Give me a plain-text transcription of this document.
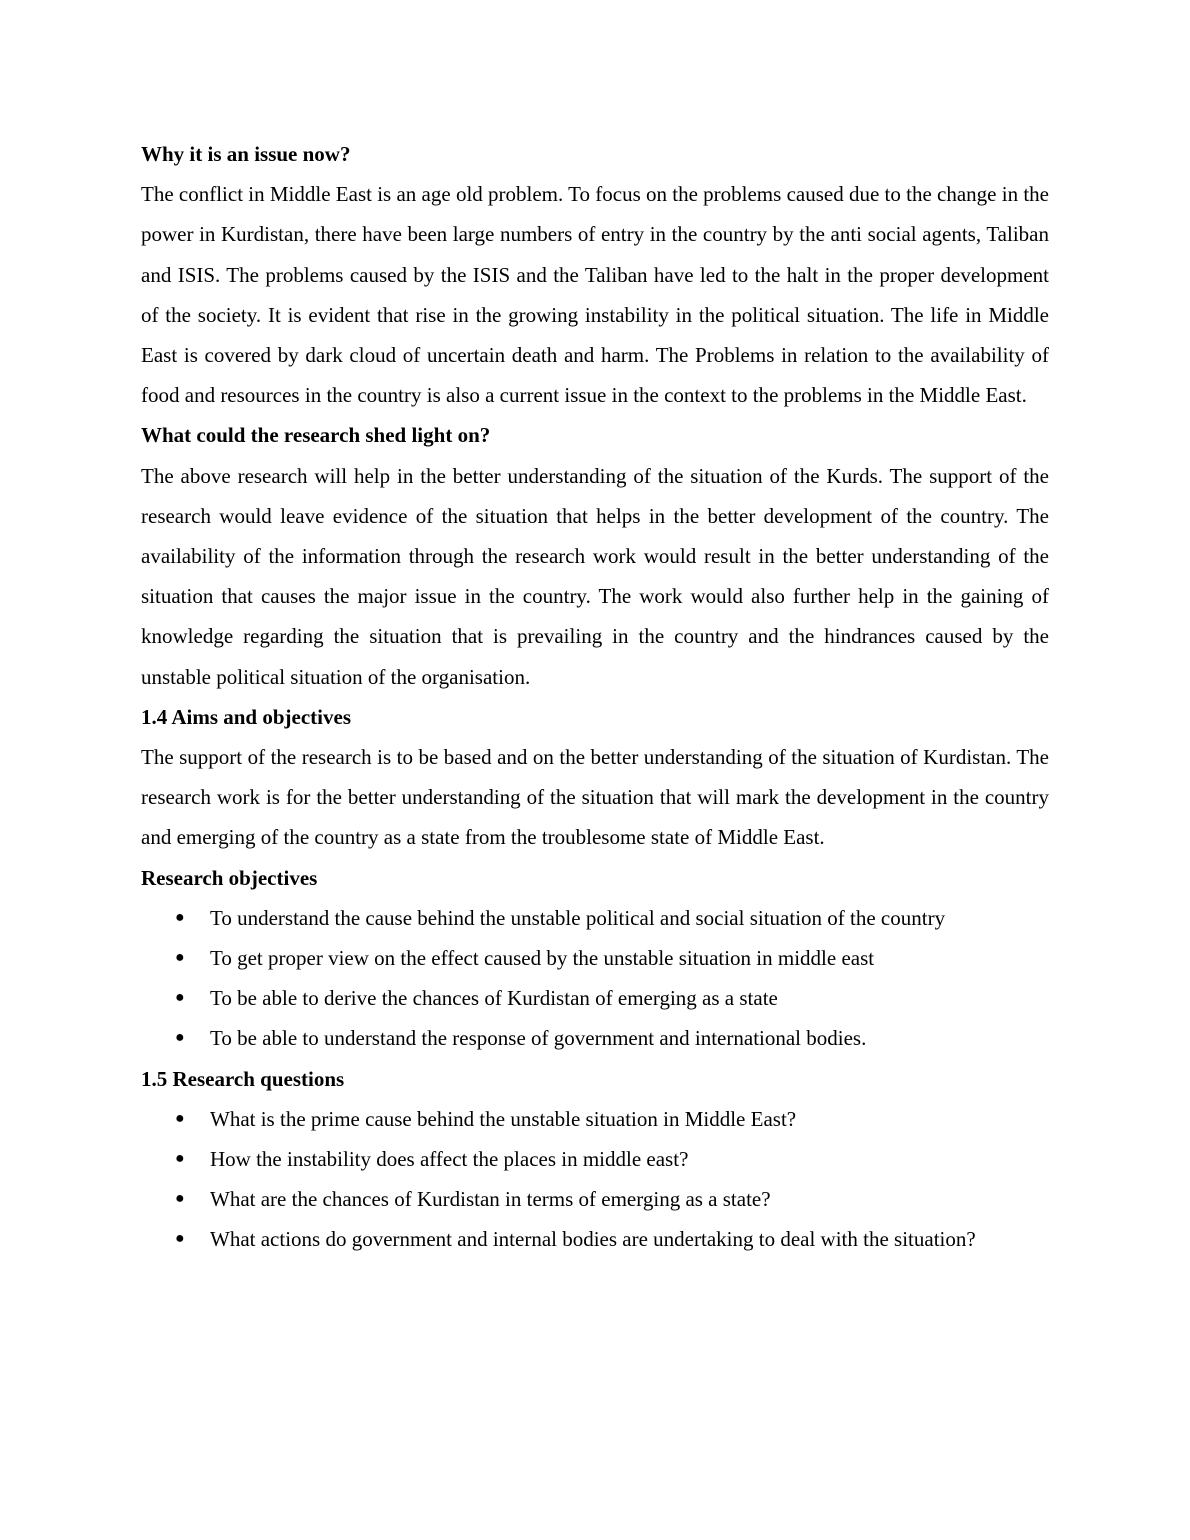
Why it is an issue now?

The conflict in Middle East is an age old problem. To focus on the problems caused due to the change in the power in Kurdistan, there have been large numbers of entry in the country by the anti social agents, Taliban and ISIS. The problems caused by the ISIS and the Taliban have led to the halt in the proper development of the society. It is evident that rise in the growing instability in the political situation. The life in Middle East is covered by dark cloud of uncertain death and harm. The Problems in relation to the availability of food and resources in the country is also a current issue in the context to the problems in the Middle East.

What could the research shed light on?

The above research will help in the better understanding of the situation of the Kurds. The support of the research would leave evidence of the situation that helps in the better development of the country. The availability of the information through the research work would result in the better understanding of the situation that causes the major issue in the country. The work would also further help in the gaining of knowledge regarding the situation that is prevailing in the country and the hindrances caused by the unstable political situation of the organisation.

1.4 Aims and objectives

The support of the research is to be based and on the better understanding of the situation of Kurdistan. The research work is for the better understanding of the situation that will mark the development in the country and emerging of the country as a state from the troublesome state of Middle East.

Research objectives

● To understand the cause behind the unstable political and social situation of the country
● To get proper view on the effect caused by the unstable situation in middle east
● To be able to derive the chances of Kurdistan of emerging as a state
● To be able to understand the response of government and international bodies.

1.5 Research questions

● What is the prime cause behind the unstable situation in Middle East?
● How the instability does affect the places in middle east?
● What are the chances of Kurdistan in terms of emerging as a state?
● What actions do government and internal bodies are undertaking to deal with the situation?
